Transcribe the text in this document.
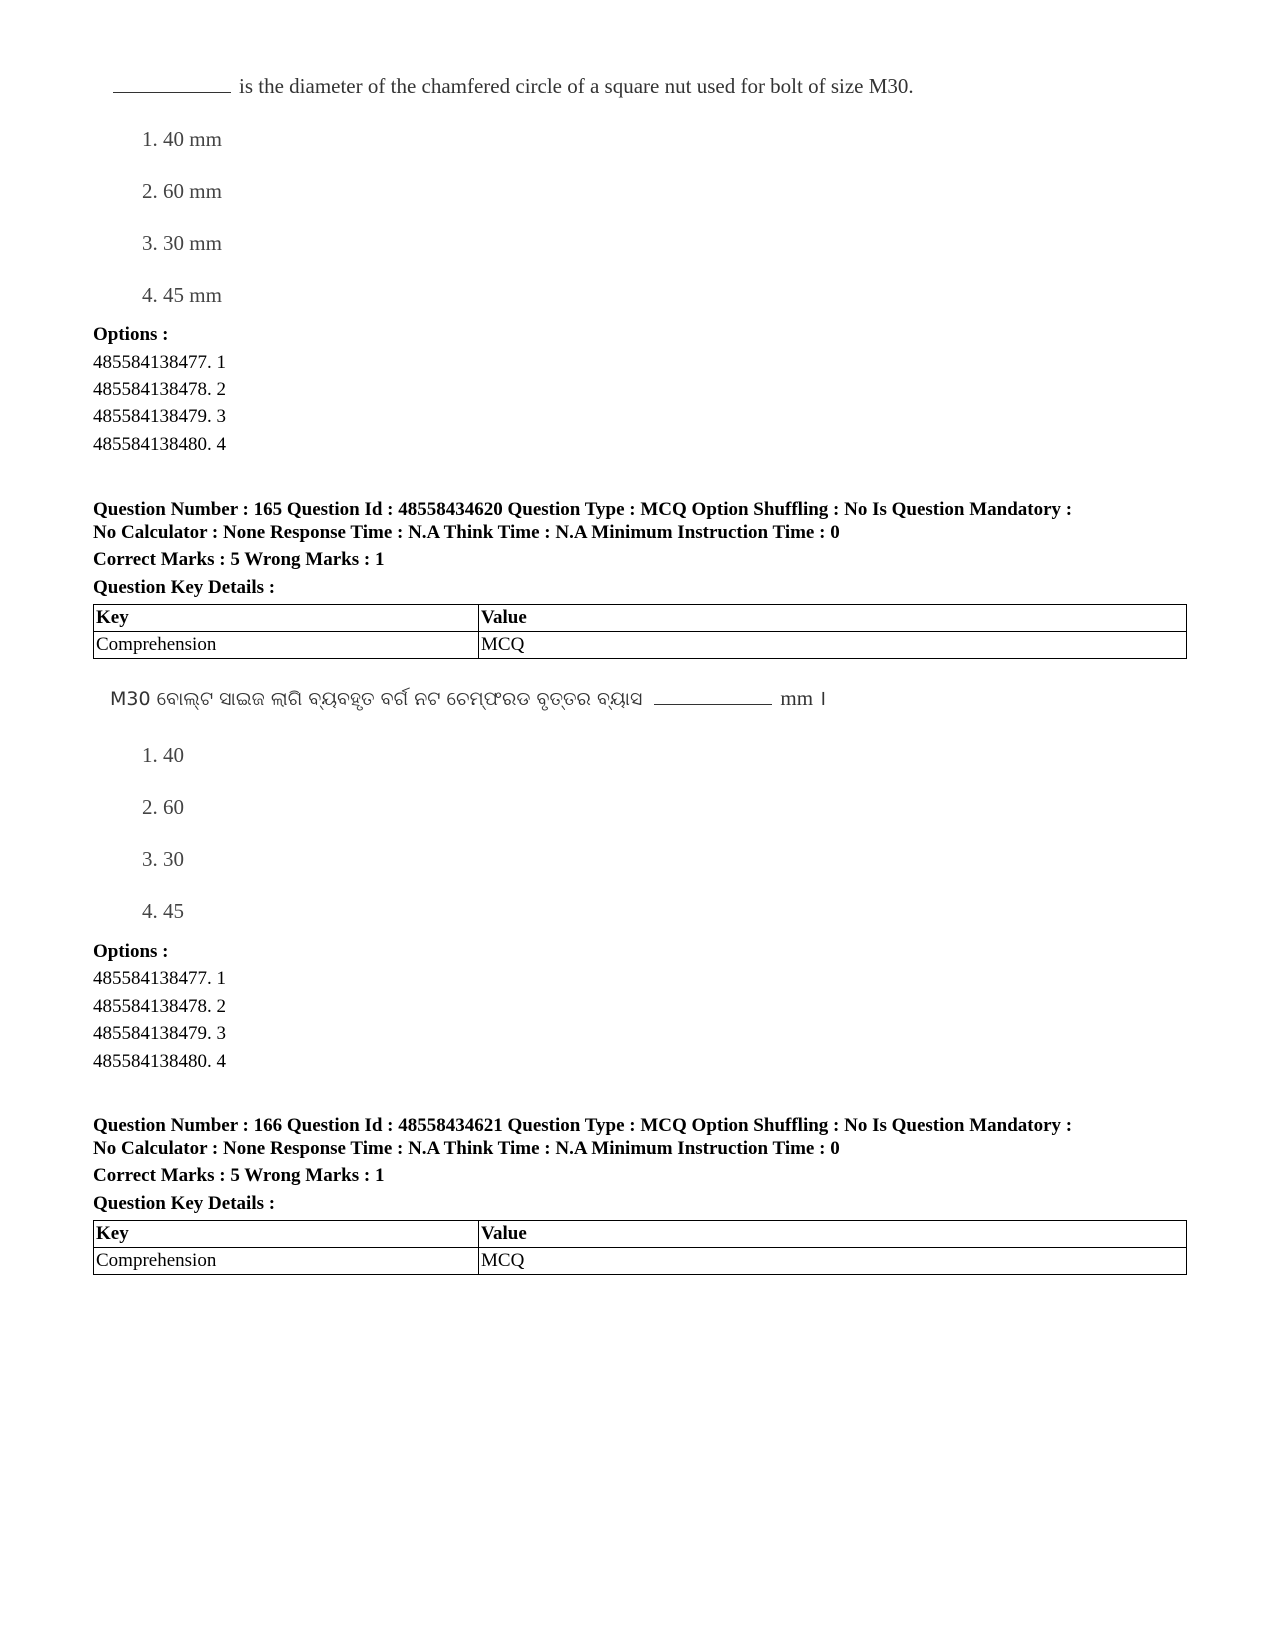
is the diameter of the chamfered circle of a square nut used for bolt of size M30.
1. 40 mm
2. 60 mm
3. 30 mm
4. 45 mm
Options :
485584138477. 1
485584138478. 2
485584138479. 3
485584138480. 4
Question Number : 165 Question Id : 48558434620 Question Type : MCQ Option Shuffling : No Is Question Mandatory :
No Calculator : None Response Time : N.A Think Time : N.A Minimum Instruction Time : 0
Correct Marks : 5 Wrong Marks : 1
Question Key Details :
Key	Value
Comprehension	MCQ
M30 ବୋଲ୍ଟ ସାଇଜ ଲାଗି ବ୍ୟବହୃତ ବର୍ଗ ନଟ ଚେମ୍ଫରଡ ବୃତ୍ତର ବ୍ୟାସ	mm ।
1. 40
2. 60
3. 30
4. 45
Options :
485584138477. 1
485584138478. 2
485584138479. 3
485584138480. 4
Question Number : 166 Question Id : 48558434621 Question Type : MCQ Option Shuffling : No Is Question Mandatory :
No Calculator : None Response Time : N.A Think Time : N.A Minimum Instruction Time : 0
Correct Marks : 5 Wrong Marks : 1
Question Key Details :
Key	Value
Comprehension	MCQ
